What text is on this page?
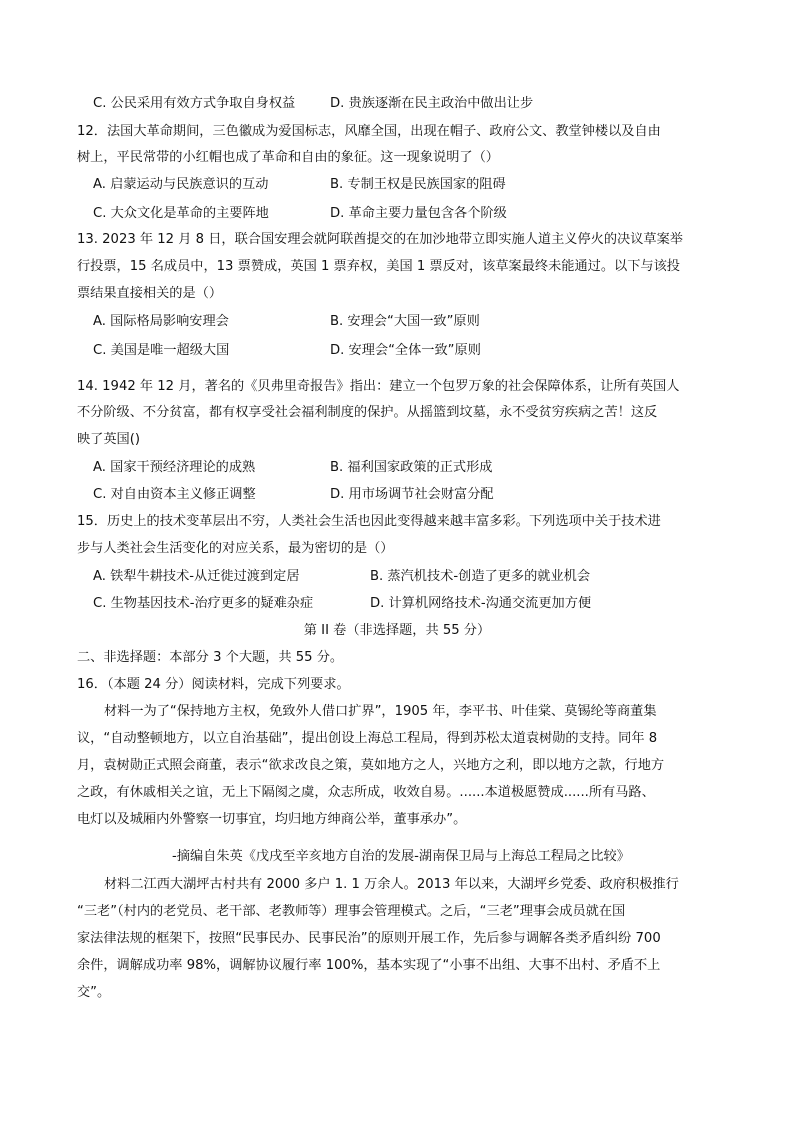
C. 公民采用有效方式争取自身权益	D. 贵族逐渐在民主政治中做出让步
12．法国大革命期间，三色徽成为爱国标志，风靡全国，出现在帽子、政府公文、教堂钟楼以及自由
树上，平民常带的小红帽也成了革命和自由的象征。这一现象说明了（）
A. 启蒙运动与民族意识的互动	B. 专制王权是民族国家的阻碍
C. 大众文化是革命的主要阵地	D. 革命主要力量包含各个阶级
13. 2023 年 12 月 8 日，联合国安理会就阿联酋提交的在加沙地带立即实施人道主义停火的决议草案举
行投票，15 名成员中，13 票赞成，英国 1 票弃权，美国 1 票反对，该草案最终未能通过。以下与该投
票结果直接相关的是（）
A. 国际格局影响安理会	B. 安理会“大国一致”原则
C. 美国是唯一超级大国	D. 安理会“全体一致”原则
14. 1942 年 12 月，著名的《贝弗里奇报告》指出：建立一个包罗万象的社会保障体系，让所有英国人
不分阶级、不分贫富，都有权享受社会福利制度的保护。从摇篮到坟墓，永不受贫穷疾病之苦！这反
映了英国()
A. 国家干预经济理论的成熟	B. 福利国家政策的正式形成
C. 对自由资本主义修正调整	D. 用市场调节社会财富分配
15．历史上的技术变革层出不穷，人类社会生活也因此变得越来越丰富多彩。下列选项中关于技术进
步与人类社会生活变化的对应关系，最为密切的是（）
A. 铁犁牛耕技术-从迁徙过渡到定居	B. 蒸汽机技术-创造了更多的就业机会
C. 生物基因技术-治疗更多的疑难杂症	D. 计算机网络技术-沟通交流更加方便
第 II 卷（非选择题，共 55 分）
二、非选择题：本部分 3 个大题，共 55 分。
16．（本题 24 分）阅读材料，完成下列要求。
材料一为了“保持地方主权，免致外人借口扩界”，1905 年，李平书、叶佳棠、莫锡纶等商董集
议，“自动整顿地方，以立自治基础”，提出创设上海总工程局，得到苏松太道袁树勋的支持。同年 8
月，袁树勋正式照会商董，表示“欲求改良之策，莫如地方之人，兴地方之利，即以地方之款，行地方
之政，有休戚相关之谊，无上下隔阂之虞，众志所成，收效自易。......本道极愿赞成......所有马路、
电灯以及城厢内外警察一切事宜，均归地方绅商公举，董事承办”。
-摘编自朱英《戊戌至辛亥地方自治的发展-湖南保卫局与上海总工程局之比较》
材料二江西大湖坪古村共有 2000 多户 1. 1 万余人。2013 年以来，大湖坪乡党委、政府积极推行
“三老”（村内的老党员、老干部、老教师等）理事会管理模式。之后，“三老”理事会成员就在国
家法律法规的框架下，按照“民事民办、民事民治”的原则开展工作，先后参与调解各类矛盾纠纷 700
余件，调解成功率 98%，调解协议履行率 100%，基本实现了“小事不出组、大事不出村、矛盾不上
交”。
